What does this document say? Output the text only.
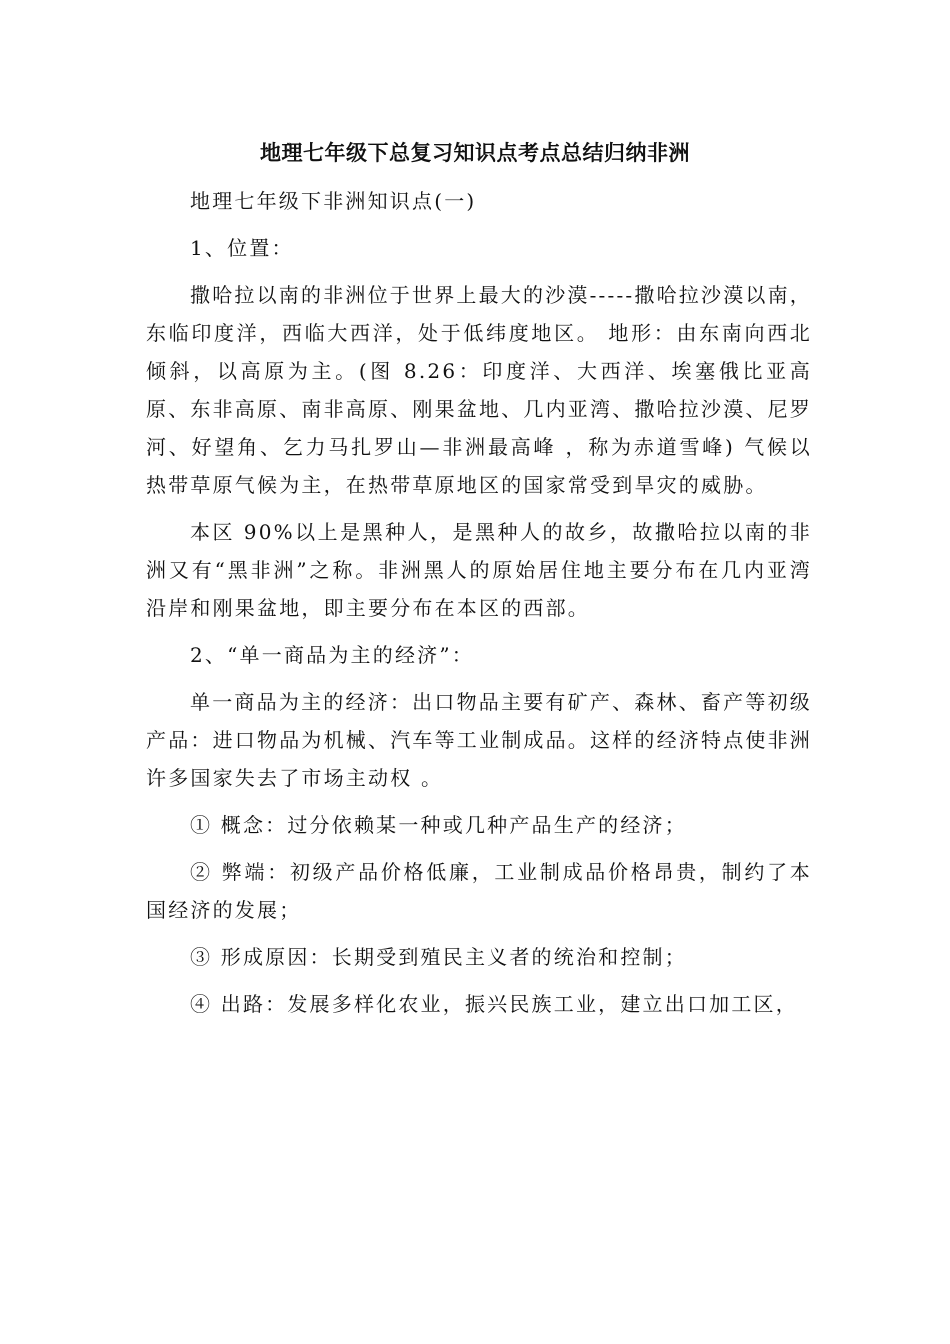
地理七年级下总复习知识点考点总结归纳非洲

地理七年级下非洲知识点(一)

1、位置：

撒哈拉以南的非洲位于世界上最大的沙漠-----撒哈拉沙漠以南，东临印度洋，西临大西洋，处于低纬度地区。 地形：由东南向西北倾斜，以高原为主。(图 8.26：印度洋、大西洋、埃塞俄比亚高原、东非高原、南非高原、刚果盆地、几内亚湾、撒哈拉沙漠、尼罗河、好望角、乞力马扎罗山—非洲最高峰 ，称为赤道雪峰) 气候以热带草原气候为主，在热带草原地区的国家常受到旱灾的威胁。

本区 90%以上是黑种人，是黑种人的故乡，故撒哈拉以南的非洲又有“黑非洲”之称。非洲黑人的原始居住地主要分布在几内亚湾沿岸和刚果盆地，即主要分布在本区的西部。

2、“单一商品为主的经济”：

单一商品为主的经济：出口物品主要有矿产、森林、畜产等初级产品：进口物品为机械、汽车等工业制成品。这样的经济特点使非洲许多国家失去了市场主动权 。

① 概念：过分依赖某一种或几种产品生产的经济；

② 弊端：初级产品价格低廉，工业制成品价格昂贵，制约了本国经济的发展；

③ 形成原因：长期受到殖民主义者的统治和控制；

④ 出路：发展多样化农业，振兴民族工业，建立出口加工区，
